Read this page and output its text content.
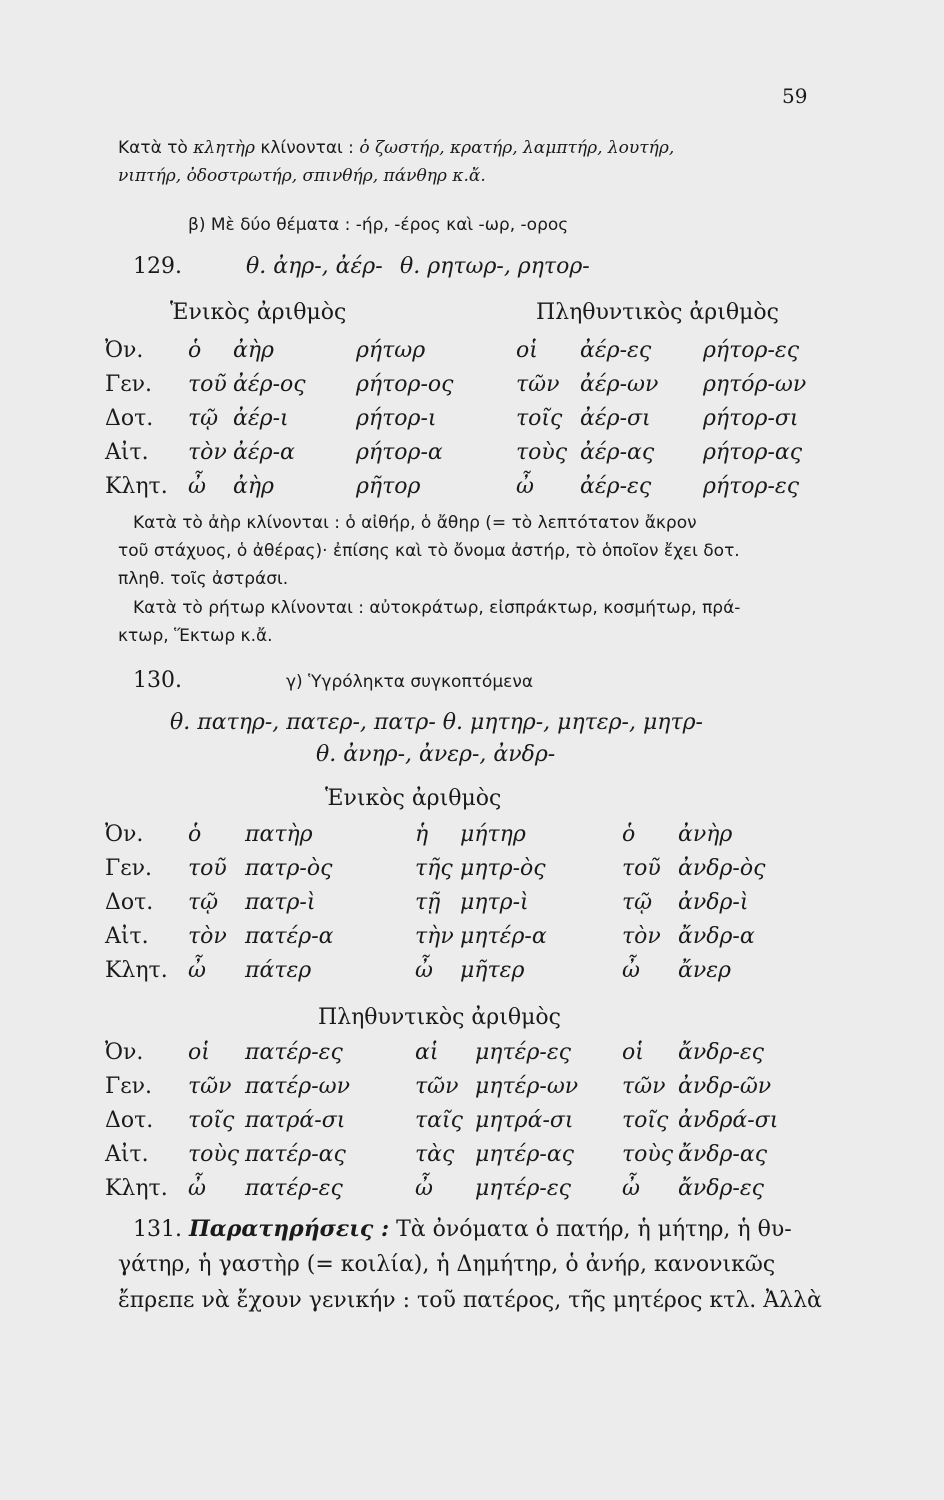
59
Κατὰ τὸ κλητὴρ κλίνονται : ὁ ζωστήρ, κρατήρ, λαμπτήρ, λουτήρ,
νιπτήρ, ὀδοστρωτήρ, σπινθήρ, πάνθηρ κ.ἄ.
β) Μὲ δύο θέματα : -ήρ, -έρος καὶ -ωρ, -ορος
129.	θ. ἀηρ-, ἀέρ- θ. ρητωρ-, ρητορ-
Ἑνικὸς ἀριθμὸς	Πληθυντικὸς ἀριθμὸς
Ὀν. ὁ ἀὴρ	ρήτωρ	οἱ ἀέρ-ες ρήτορ-ες
Γεν. τοῦ ἀέρ-ος ρήτορ-ος	τῶν ἀέρ-ων ρητόρ-ων
Δοτ. τῷ ἀέρ-ι	ρήτορ-ι	τοῖς ἀέρ-σι ρήτορ-σι
Αἰτ. τὸν ἀέρ-α	ρήτορ-α	τοὺς ἀέρ-ας ρήτορ-ας
Κλητ. ὦ ἀὴρ	ρῆτορ	ὦ ἀέρ-ες ρήτορ-ες
Κατὰ τὸ ἀὴρ κλίνονται : ὁ αἰθήρ, ὁ ἄθηρ (= τὸ λεπτότατον ἄκρον
τοῦ στάχυος, ὁ ἀθέρας)· ἐπίσης καὶ τὸ ὄνομα ἀστήρ, τὸ ὁποῖον ἔχει δοτ.
πληθ. τοῖς ἀστράσι.
Κατὰ τὸ ρήτωρ κλίνονται : αὐτοκράτωρ, εἰσπράκτωρ, κοσμήτωρ, πρά-
κτωρ, Ἕκτωρ κ.ἄ.
130.	γ) Ὑγρόληκτα συγκοπτόμενα
θ. πατηρ-, πατερ-, πατρ- θ. μητηρ-, μητερ-, μητρ-
θ. ἀνηρ-, ἀνερ-, ἀνδρ-
Ἑνικὸς ἀριθμὸς
Ὀν. ὁ πατὴρ	ἡ μήτηρ	ὁ ἀνὴρ
Γεν. τοῦ πατρ-ὸς	τῆς μητρ-ὸς	τοῦ ἀνδρ-ὸς
Δοτ. τῷ πατρ-ὶ	τῇ μητρ-ὶ	τῷ ἀνδρ-ὶ
Αἰτ. τὸν πατέρ-α	τὴν μητέρ-α	τὸν ἄνδρ-α
Κλητ. ὦ πάτερ	ὦ μῆτερ	ὦ ἄνερ
Πληθυντικὸς ἀριθμὸς
Ὀν. οἱ πατέρ-ες	αἱ μητέρ-ες οἱ ἄνδρ-ες
Γεν. τῶν πατέρ-ων	τῶν μητέρ-ων τῶν ἀνδρ-ῶν
Δοτ. τοῖς πατρά-σι	ταῖς μητρά-σι τοῖς ἀνδρά-σι
Αἰτ. τοὺς πατέρ-ας	τὰς μητέρ-ας τοὺς ἄνδρ-ας
Κλητ. ὦ πατέρ-ες	ὦ μητέρ-ες ὦ ἄνδρ-ες
131. Παρατηρήσεις : Τὰ ὀνόματα ὁ πατήρ, ἡ μήτηρ, ἡ θυ-
γάτηρ, ἡ γαστὴρ (= κοιλία), ἡ Δημήτηρ, ὁ ἀνήρ, κανονικῶς
ἔπρεπε νὰ ἔχουν γενικήν : τοῦ πατέρος, τῆς μητέρος κτλ. Ἀλλὰ
